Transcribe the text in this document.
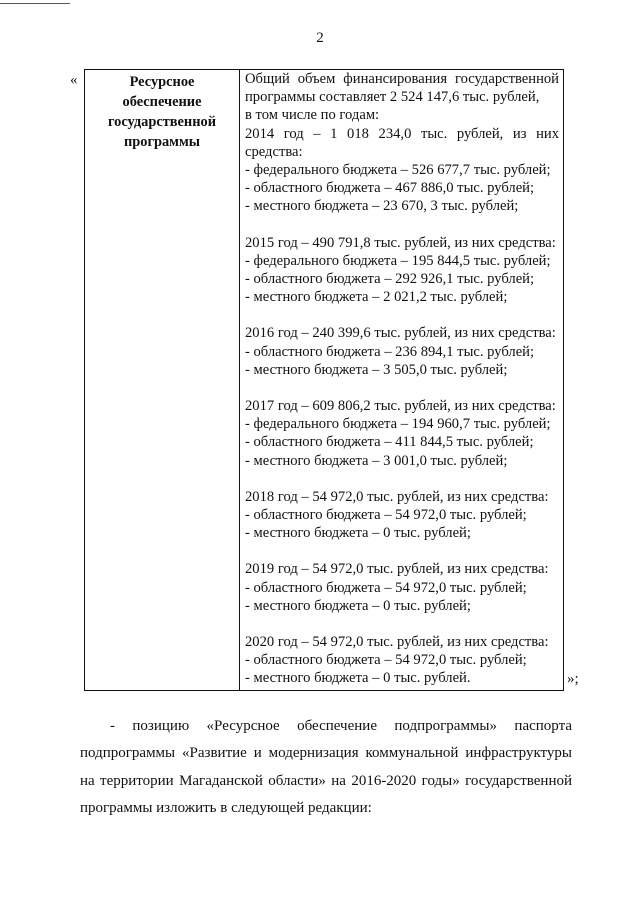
2
«	Ресурсное
обеспечение
государственной
программы
Общий объем финансирования государственной
программы составляет 2 524 147,6 тыс. рублей,
в том числе по годам:
2014 год – 1 018 234,0 тыс. рублей, из них
средства:
- федерального бюджета – 526 677,7 тыс. рублей;
- областного бюджета – 467 886,0 тыс. рублей;
- местного бюджета – 23 670, 3 тыс. рублей;
2015 год – 490 791,8 тыс. рублей, из них средства:
- федерального бюджета – 195 844,5 тыс. рублей;
- областного бюджета – 292 926,1 тыс. рублей;
- местного бюджета – 2 021,2 тыс. рублей;
2016 год – 240 399,6 тыс. рублей, из них средства:
- областного бюджета – 236 894,1 тыс. рублей;
- местного бюджета – 3 505,0 тыс. рублей;
2017 год – 609 806,2 тыс. рублей, из них средства:
- федерального бюджета – 194 960,7 тыс. рублей;
- областного бюджета – 411 844,5 тыс. рублей;
- местного бюджета – 3 001,0 тыс. рублей;
2018 год – 54 972,0 тыс. рублей, из них средства:
- областного бюджета – 54 972,0 тыс. рублей;
- местного бюджета – 0 тыс. рублей;
2019 год – 54 972,0 тыс. рублей, из них средства:
- областного бюджета – 54 972,0 тыс. рублей;
- местного бюджета – 0 тыс. рублей;
2020 год – 54 972,0 тыс. рублей, из них средства:
- областного бюджета – 54 972,0 тыс. рублей;
- местного бюджета – 0 тыс. рублей.	»;
- позицию «Ресурсное обеспечение подпрограммы» паспорта
подпрограммы «Развитие и модернизация коммунальной инфраструктуры
на территории Магаданской области» на 2016-2020 годы» государственной
программы изложить в следующей редакции:
